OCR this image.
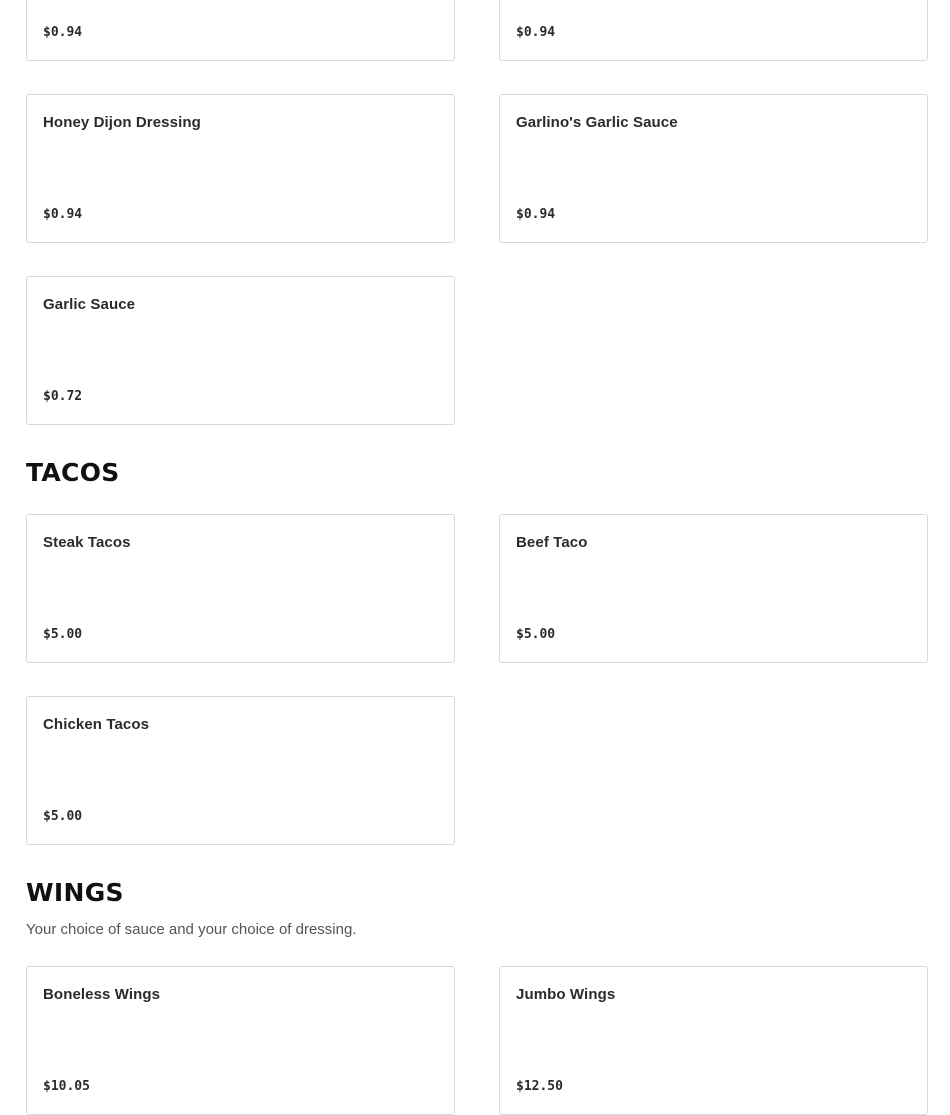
$0.94	$0.94
Honey Dijon Dressing
$0.94
Garlino's Garlic Sauce
$0.94
Garlic Sauce
$0.72
TACOS
Steak Tacos
$5.00
Beef Taco
$5.00
Chicken Tacos
$5.00
WINGS

Your choice of sauce and your choice of dressing.

Boneless Wings
$10.05
Jumbo Wings
$12.50
